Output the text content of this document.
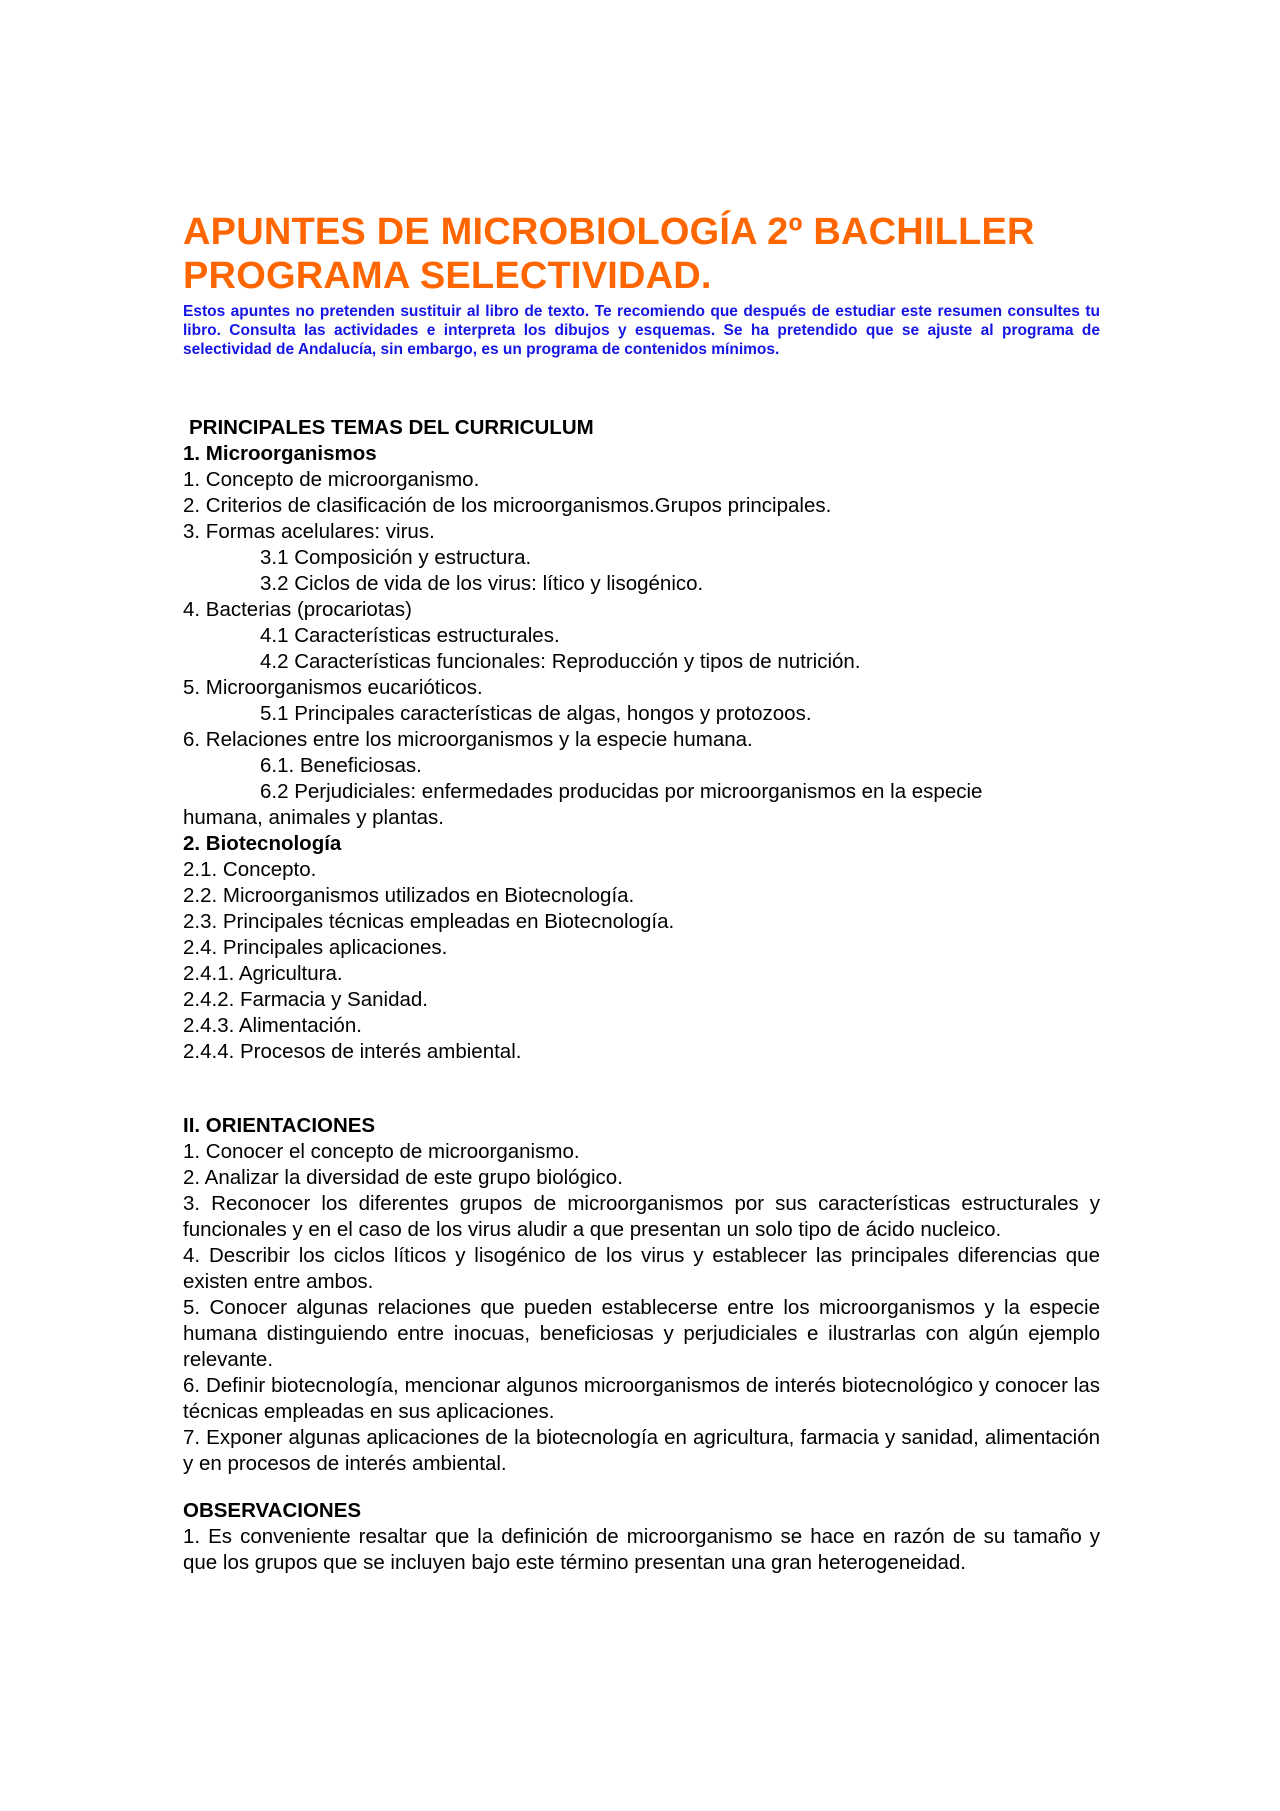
APUNTES DE MICROBIOLOGÍA 2º BACHILLER
PROGRAMA SELECTIVIDAD.

Estos apuntes no pretenden sustituir al libro de texto. Te recomiendo que después de estudiar este resumen consultes tu libro. Consulta las actividades e interpreta los dibujos y esquemas. Se ha pretendido que se ajuste al programa de selectividad de Andalucía, sin embargo, es un programa de contenidos mínimos.

PRINCIPALES TEMAS DEL CURRICULUM

1. Microorganismos

1. Concepto de microorganismo.

2. Criterios de clasificación de los microorganismos.Grupos principales.

3. Formas acelulares: virus.

3.1 Composición y estructura.

3.2 Ciclos de vida de los virus: lítico y lisogénico.

4. Bacterias (procariotas)

4.1 Características estructurales.

4.2 Características funcionales: Reproducción y tipos de nutrición.

5. Microorganismos eucarióticos.

5.1 Principales características de algas, hongos y protozoos.

6. Relaciones entre los microorganismos y la especie humana.

6.1. Beneficiosas.

6.2 Perjudiciales: enfermedades producidas por microorganismos en la especie

humana, animales y plantas.

2. Biotecnología

2.1. Concepto.

2.2. Microorganismos utilizados en Biotecnología.

2.3. Principales técnicas empleadas en Biotecnología.

2.4. Principales aplicaciones.

2.4.1. Agricultura.

2.4.2. Farmacia y Sanidad.

2.4.3. Alimentación.

2.4.4. Procesos de interés ambiental.

II. ORIENTACIONES

1. Conocer el concepto de microorganismo.

2. Analizar la diversidad de este grupo biológico.

3. Reconocer los diferentes grupos de microorganismos por sus características estructurales y funcionales y en el caso de los virus aludir a que presentan un solo tipo de ácido nucleico.

4. Describir los ciclos líticos y lisogénico de los virus y establecer las principales diferencias que existen entre ambos.

5. Conocer algunas relaciones que pueden establecerse entre los microorganismos y la especie humana distinguiendo entre inocuas, beneficiosas y perjudiciales e ilustrarlas con algún ejemplo relevante.

6. Definir biotecnología, mencionar algunos microorganismos de interés biotecnológico y conocer las técnicas empleadas en sus aplicaciones.

7. Exponer algunas aplicaciones de la biotecnología en agricultura, farmacia y sanidad, alimentación y en procesos de interés ambiental.

OBSERVACIONES

1. Es conveniente resaltar que la definición de microorganismo se hace en razón de su tamaño y que los grupos que se incluyen bajo este término presentan una gran heterogeneidad.
